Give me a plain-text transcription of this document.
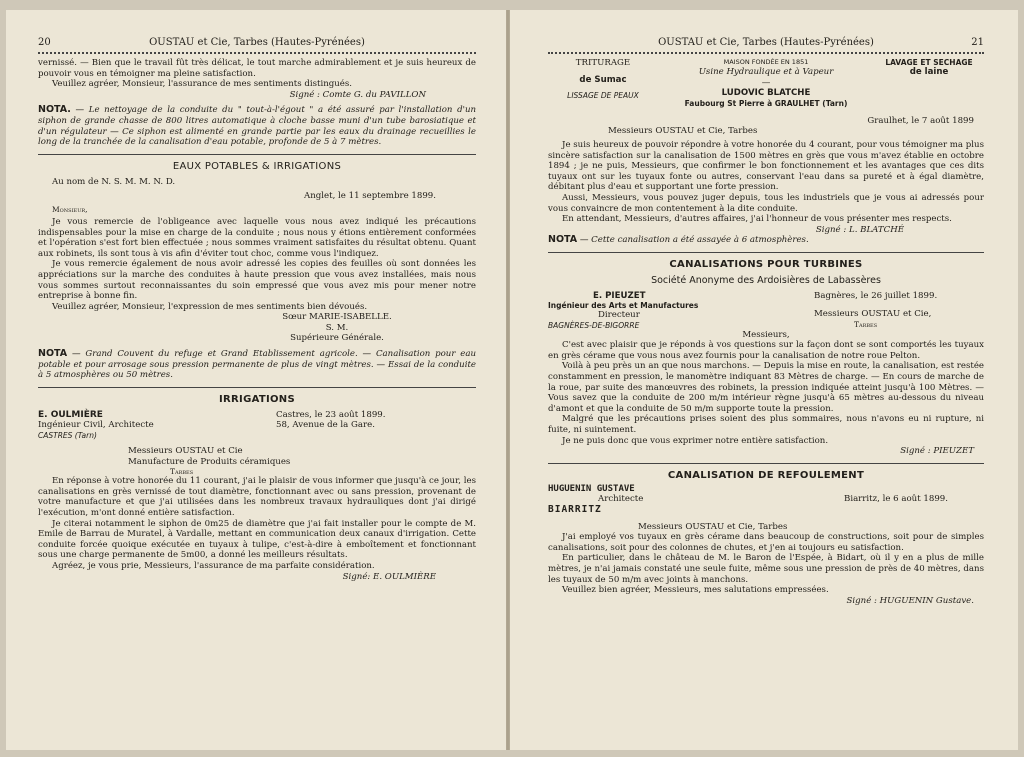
20	OUSTAU et Cie, Tarbes (Hautes-Pyrénées)

vernissé. — Bien que le travail fût très délicat, le tout marche admirablement et je suis heureux de pouvoir vous en témoigner ma pleine satisfaction.

Veuillez agréer, Monsieur, l'assurance de mes sentiments distingués.

Signé : Comte G. du PAVILLON

NOTA. — Le nettoyage de la conduite du " tout-à-l'égout " a été assuré par l'installation d'un siphon de grande chasse de 800 litres automatique à cloche basse muni d'un tube barosiatique et d'un régulateur — Ce siphon est alimenté en grande partie par les eaux du drainage recueillies le long de la tranchée de la canalisation d'eau potable, profonde de 5 à 7 mètres.

EAUX POTABLES & IRRIGATIONS

Au nom de N. S. M. M. N. D.

Anglet, le 11 septembre 1899.

Monsieur,

Je vous remercie de l'obligeance avec laquelle vous nous avez indiqué les précautions indispensables pour la mise en charge de la conduite ; nous nous y étions entièrement conformées et l'opération s'est fort bien effectuée ; nous sommes vraiment satisfaites du résultat obtenu. Quant aux robinets, ils sont tous à vis afin d'éviter tout choc, comme vous l'indiquez.

Je vous remercie également de nous avoir adressé les copies des feuilles où sont données les appréciations sur la marche des conduites à haute pression que vous avez installées, mais nous vous sommes surtout reconnaissantes du soin empressé que vous avez mis pour mener notre entreprise à bonne fin.

Veuillez agréer, Monsieur, l'expression de mes sentiments bien dévoués.

Sœur MARIE-ISABELLE.

S. M.

Supérieure Générale.

NOTA — Grand Couvent du refuge et Grand Etablissement agricole. — Canalisation pour eau potable et pour arrosage sous pression permanente de plus de vingt mètres. — Essai de la conduite à 5 atmosphères ou 50 mètres.

IRRIGATIONS
E. OULMIÈRE
Ingénieur Civil, Architecte
CASTRES (Tarn)
Castres, le 23 août 1899.
58, Avenue de la Gare.
Messieurs OUSTAU et Cie
Manufacture de Produits céramiques
Tarbes

En réponse à votre honorée du 11 courant, j'ai le plaisir de vous informer que jusqu'à ce jour, les canalisations en grès vernissé de tout diamètre, fonctionnant avec ou sans pression, provenant de votre manufacture et que j'ai utilisées dans les nombreux travaux hydrauliques dont j'ai dirigé l'exécution, m'ont donné entière satisfaction.

Je citerai notamment le siphon de 0m25 de diamètre que j'ai fait installer pour le compte de M. Emile de Barrau de Muratel, à Vardalle, mettant en communication deux canaux d'irrigation. Cette conduite forcée quoique exécutée en tuyaux à tulipe, c'est-à-dire à emboîtement et fonctionnant sous une charge permanente de 5m00, a donné les meilleurs résultats.

Agréez, je vous prie, Messieurs, l'assurance de ma parfaite considération.

Signé: E. OULMIÈRE

OUSTAU et Cie, Tarbes (Hautes-Pyrénées)	21
TRITURAGE
de Sumac
LISSAGE DE PEAUX
MAISON FONDÉE EN 1851
Usine Hydraulique et à Vapeur
—
LUDOVIC BLATCHE
Faubourg St Pierre à GRAULHET (Tarn)
LAVAGE ET SECHAGE
de laine

Graulhet, le 7 août 1899

Messieurs OUSTAU et Cie, Tarbes

Je suis heureux de pouvoir répondre à votre honorée du 4 courant, pour vous témoigner ma plus sincère satisfaction sur la canalisation de 1500 mètres en grès que vous m'avez établie en octobre 1894 ; je ne puis, Messieurs, que confirmer le bon fonctionnement et les avantages que ces dits tuyaux ont sur les tuyaux fonte ou autres, conservant l'eau dans sa pureté et à égal diamètre, débitant plus d'eau et supportant une forte pression.

Aussi, Messieurs, vous pouvez juger depuis, tous les industriels que je vous ai adressés pour vous convaincre de mon contentement à la dite conduite.

En attendant, Messieurs, d'autres affaires, j'ai l'honneur de vous présenter mes respects.

Signé : L. BLATCHÉ

NOTA — Cette canalisation a été assayée à 6 atmosphères.

CANALISATIONS POUR TURBINES

Société Anonyme des Ardoisières de Labassères

E. PIEUZET
Ingénieur des Arts et Manufactures
Directeur
BAGNÈRES-DE-BIGORRE
Bagnères, le 26 juillet 1899.
Messieurs OUSTAU et Cie,
Tarbes

Messieurs,

C'est avec plaisir que je réponds à vos questions sur la façon dont se sont comportés les tuyaux en grès cérame que vous nous avez fournis pour la canalisation de notre roue Pelton.

Voilà à peu près un an que nous marchons. — Depuis la mise en route, la canalisation, est restée constamment en pression, le manomètre indiquant 83 Mètres de charge. — En cours de marche de la roue, par suite des manœuvres des robinets, la pression indiquée atteint jusqu'à 100 Mètres. — Vous savez que la conduite de 200 m/m intérieur règne jusqu'à 65 mètres au-dessous du niveau d'amont et que la conduite de 50 m/m supporte toute la pression.

Malgré que les précautions prises soient des plus sommaires, nous n'avons eu ni rupture, ni fuite, ni suintement.

Je ne puis donc que vous exprimer notre entière satisfaction.

Signé : PIEUZET

CANALISATION DE REFOULEMENT
HUGUENIN GUSTAVE
Architecte
BIARRITZ
Biarritz, le 6 août 1899.

Messieurs OUSTAU et Cie, Tarbes

J'ai employé vos tuyaux en grès cérame dans beaucoup de constructions, soit pour de simples canalisations, soit pour des colonnes de chutes, et j'en ai toujours eu satisfaction.

En particulier, dans le château de M. le Baron de l'Espée, à Bidart, où il y en a plus de mille mètres, je n'ai jamais constaté une seule fuite, même sous une pression de près de 40 mètres, dans les tuyaux de 50 m/m avec joints à manchons.

Veuillez bien agréer, Messieurs, mes salutations empressées.

Signé : HUGUENIN Gustave.
